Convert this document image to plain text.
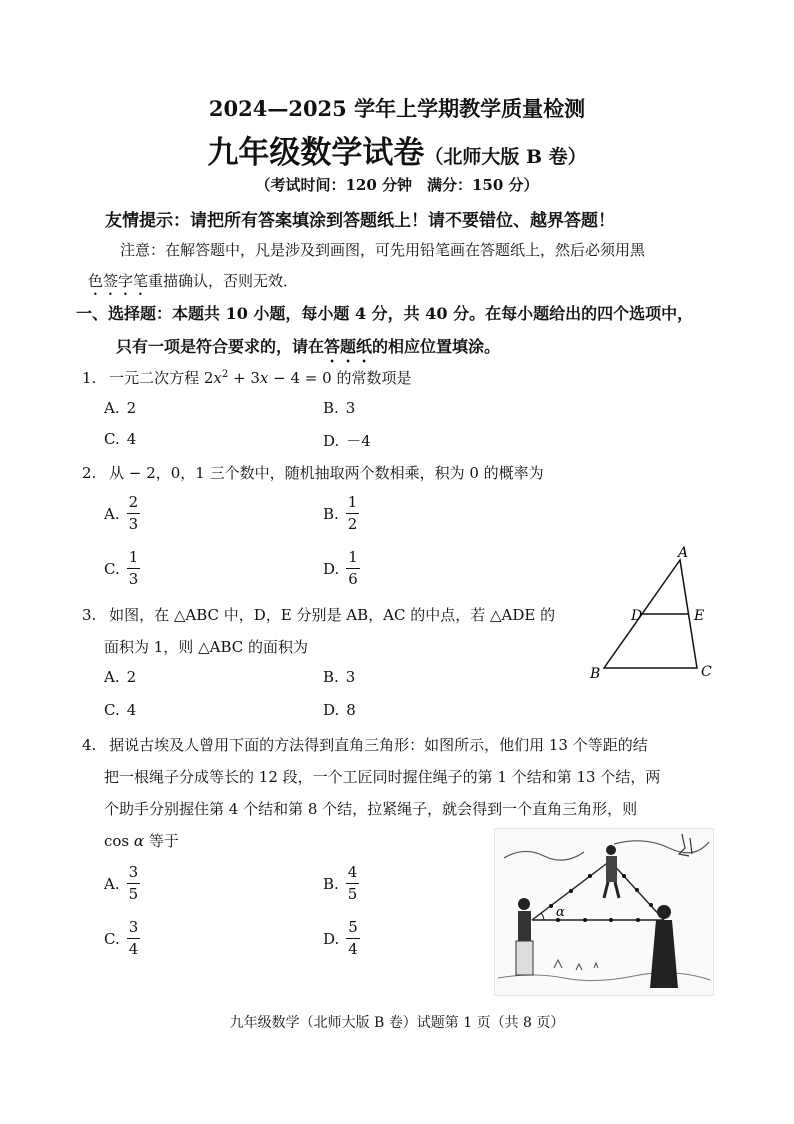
2024—2025 学年上学期教学质量检测
九年级数学试卷（北师大版 B 卷）
（考试时间：120 分钟　满分：150 分）
友情提示：请把所有答案填涂到答题纸上！请不要错位、越界答题！
注意：在解答题中，凡是涉及到画图，可先用铅笔画在答题纸上，然后必须用黑
色签字笔重描确认，否则无效．
一、选择题：本题共 10 小题，每小题 4 分，共 40 分。在每小题给出的四个选项中，
只有一项是符合要求的，请在答题纸的相应位置填涂。
1. 一元二次方程 $2x^2 + 3x - 4 = 0$ 的常数项是
A. 2	B. 3
C. 4	D. －4
2. 从 − 2，0，1 三个数中，随机抽取两个数相乘，积为 0 的概率为
A. $\frac{2}{3}$	B. $\frac{1}{2}$
C. $\frac{1}{3}$	D. $\frac{1}{6}$	A
B	C
D	E
3. 如图，在 △ABC 中，D，E 分别是 AB，AC 的中点，若 △ADE 的
面积为 1，则 △ABC 的面积为
A. 2	B. 3
C. 4	D. 8
4. 据说古埃及人曾用下面的方法得到直角三角形：如图所示，他们用 13 个等距的结
把一根绳子分成等长的 12 段，一个工匠同时握住绳子的第 1 个结和第 13 个结，两
个助手分别握住第 4 个结和第 8 个结，拉紧绳子，就会得到一个直角三角形，则
cos α 等于
A. $\frac{3}{5}$	B. $\frac{4}{5}$
C. $\frac{3}{4}$	D. $\frac{5}{4}$
α
九年级数学（北师大版 B 卷）试题第 1 页（共 8 页）
